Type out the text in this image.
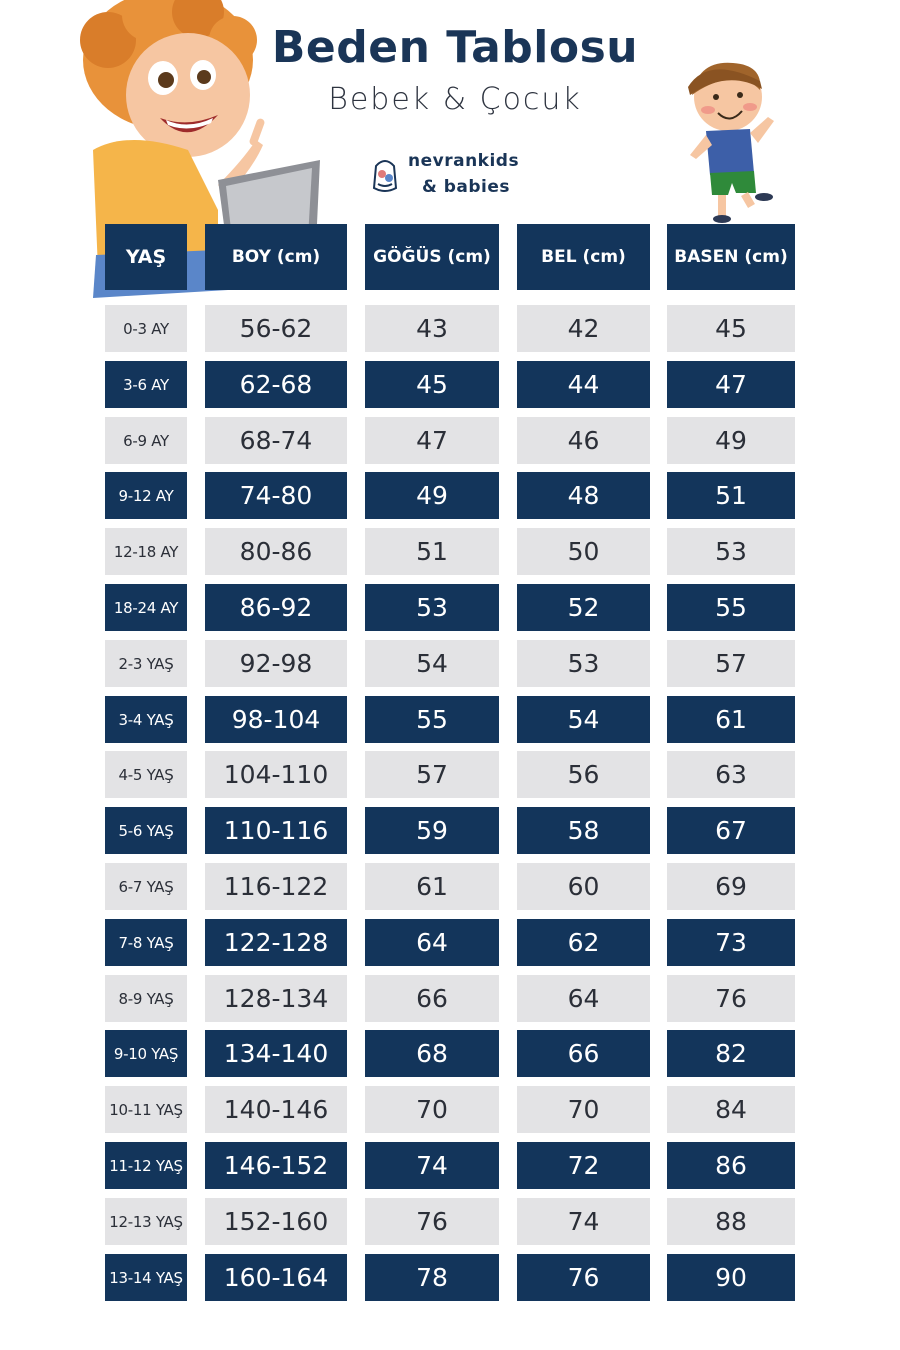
Beden Tablosu
Bebek & Çocuk
nevrankids
& babies
YAŞ	BOY (cm)	GÖĞÜS (cm)	BEL (cm)	BASEN (cm)
0-3 AY	56-62	43	42	45
3-6 AY	62-68	45	44	47
6-9 AY	68-74	47	46	49
9-12 AY	74-80	49	48	51
12-18 AY	80-86	51	50	53
18-24 AY	86-92	53	52	55
2-3 YAŞ	92-98	54	53	57
3-4 YAŞ	98-104	55	54	61
4-5 YAŞ	104-110	57	56	63
5-6 YAŞ	110-116	59	58	67
6-7 YAŞ	116-122	61	60	69
7-8 YAŞ	122-128	64	62	73
8-9 YAŞ	128-134	66	64	76
9-10 YAŞ	134-140	68	66	82
10-11 YAŞ	140-146	70	70	84
11-12 YAŞ	146-152	74	72	86
12-13 YAŞ	152-160	76	74	88
13-14 YAŞ	160-164	78	76	90
